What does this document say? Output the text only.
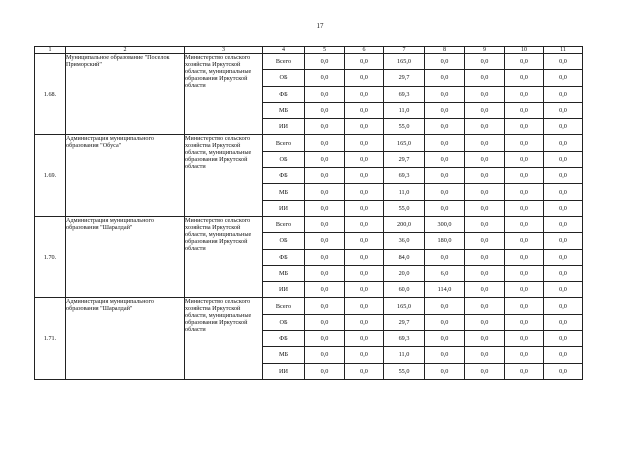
17
1	2	3	4	5	6	7	8	9	10	11
1.68.	Муниципальное образование "Поселок Приморский"	Министерство сельского хозяйства Иркутской области, муниципальные образования Иркутской области	Всего	0,0	0,0	165,0	0,0	0,0	0,0	0,0
			ОБ	0,0	0,0	29,7	0,0	0,0	0,0	0,0
			ФБ	0,0	0,0	69,3	0,0	0,0	0,0	0,0
			МБ	0,0	0,0	11,0	0,0	0,0	0,0	0,0
			ИИ	0,0	0,0	55,0	0,0	0,0	0,0	0,0
1.69.	Администрация муниципального образования "Обуса"	Министерство сельского хозяйства Иркутской области, муниципальные образования Иркутской области	Всего	0,0	0,0	165,0	0,0	0,0	0,0	0,0
			ОБ	0,0	0,0	29,7	0,0	0,0	0,0	0,0
			ФБ	0,0	0,0	69,3	0,0	0,0	0,0	0,0
			МБ	0,0	0,0	11,0	0,0	0,0	0,0	0,0
			ИИ	0,0	0,0	55,0	0,0	0,0	0,0	0,0
1.70.	Администрация муниципального образования "Шаралдай"	Министерство сельского хозяйства Иркутской области, муниципальные образования Иркутской области	Всего	0,0	0,0	200,0	300,0	0,0	0,0	0,0
			ОБ	0,0	0,0	36,0	180,0	0,0	0,0	0,0
			ФБ	0,0	0,0	84,0	0,0	0,0	0,0	0,0
			МБ	0,0	0,0	20,0	6,0	0,0	0,0	0,0
			ИИ	0,0	0,0	60,0	114,0	0,0	0,0	0,0
1.71.	Администрация муниципального образования "Шаралдай"	Министерство сельского хозяйства Иркутской области, муниципальные образования Иркутской области	Всего	0,0	0,0	165,0	0,0	0,0	0,0	0,0
			ОБ	0,0	0,0	29,7	0,0	0,0	0,0	0,0
			ФБ	0,0	0,0	69,3	0,0	0,0	0,0	0,0
			МБ	0,0	0,0	11,0	0,0	0,0	0,0	0,0
			ИИ	0,0	0,0	55,0	0,0	0,0	0,0	0,0
